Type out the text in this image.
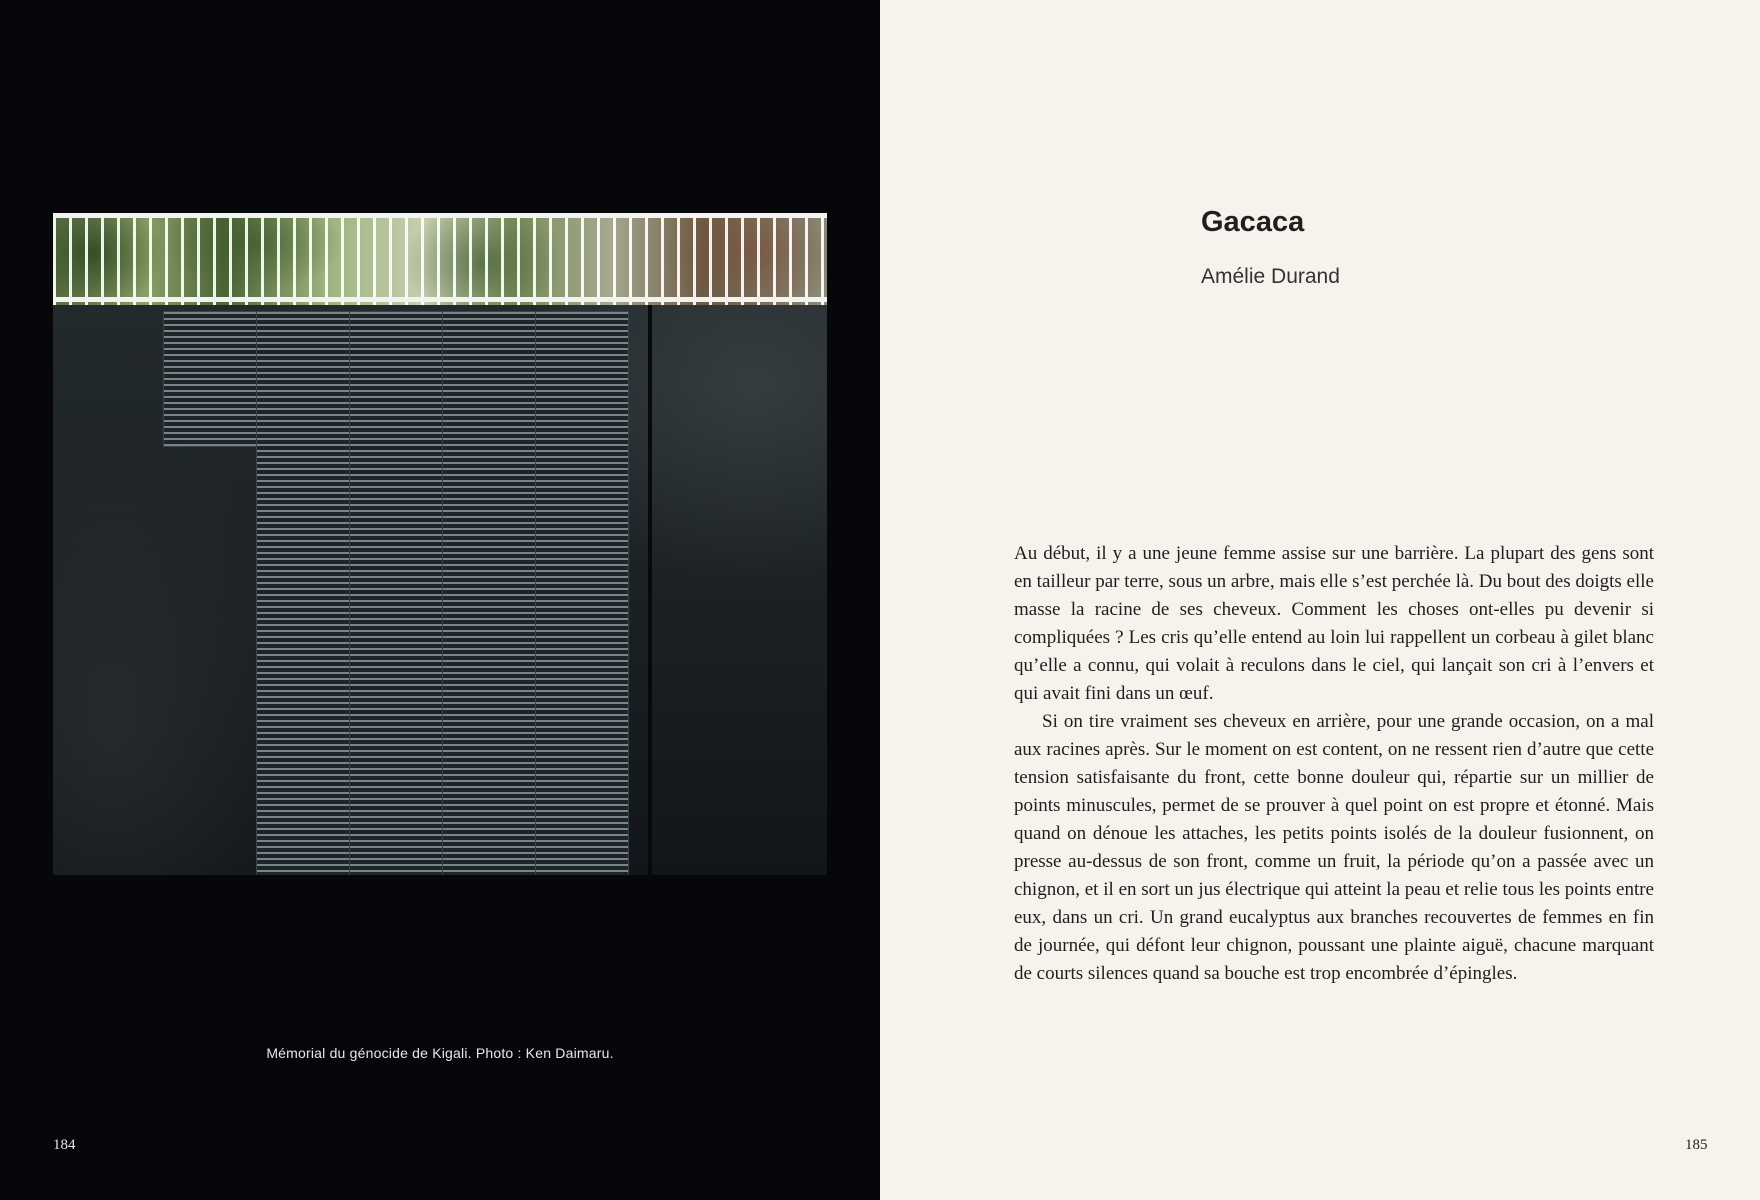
Mémorial du génocide de Kigali. Photo : Ken Daimaru.
184
Gacaca
Amélie Durand

Au début, il y a une jeune femme assise sur une barrière. La plupart des gens sont en tailleur par terre, sous un arbre, mais elle s’est perchée là. Du bout des doigts elle masse la racine de ses cheveux. Comment les choses ont-elles pu devenir si compliquées ? Les cris qu’elle entend au loin lui rappellent un corbeau à gilet blanc qu’elle a connu, qui volait à reculons dans le ciel, qui lançait son cri à l’envers et qui avait fini dans un œuf.

Si on tire vraiment ses cheveux en arrière, pour une grande occasion, on a mal aux racines après. Sur le moment on est content, on ne ressent rien d’autre que cette tension satisfaisante du front, cette bonne douleur qui, répartie sur un millier de points minuscules, permet de se prouver à quel point on est propre et étonné. Mais quand on dénoue les attaches, les petits points isolés de la douleur fusionnent, on presse au-dessus de son front, comme un fruit, la période qu’on a passée avec un chignon, et il en sort un jus électrique qui atteint la peau et relie tous les points entre eux, dans un cri. Un grand eucalyptus aux branches recouvertes de femmes en fin de journée, qui défont leur chignon, poussant une plainte aiguë, chacune marquant de courts silences quand sa bouche est trop encombrée d’épingles.

185
